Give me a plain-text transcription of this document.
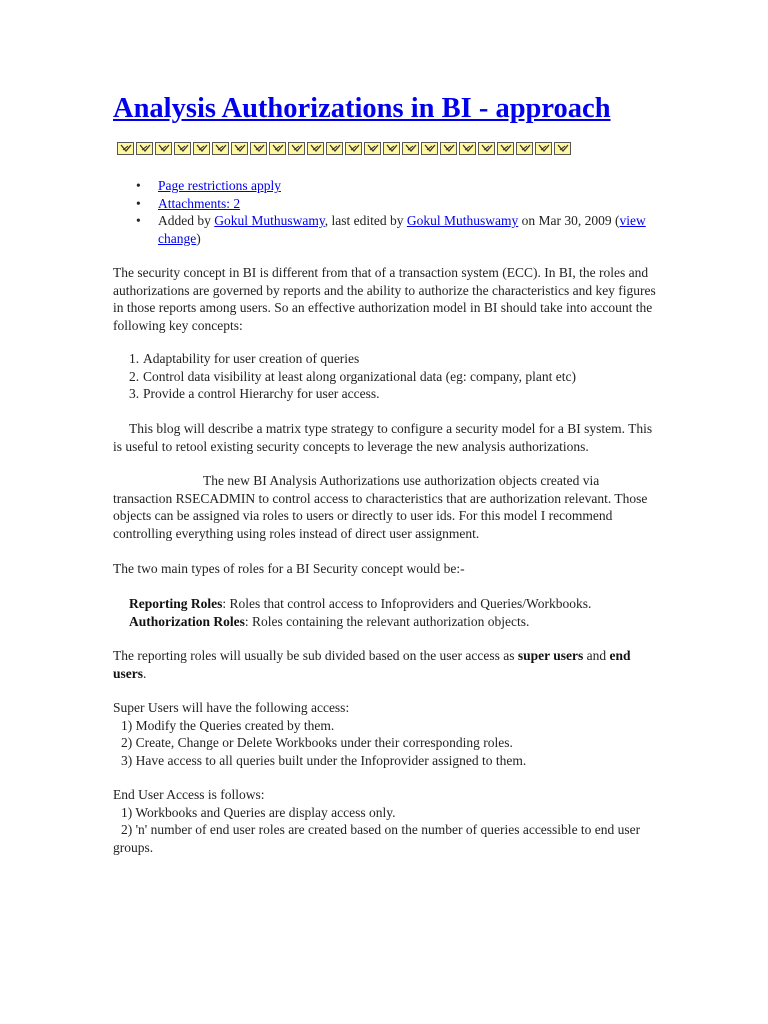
Analysis Authorizations in BI - approach
• Page restrictions apply
• Attachments: 2
• Added by Gokul Muthuswamy, last edited by Gokul Muthuswamy on Mar 30, 2009 (view change)

The security concept in BI is different from that of a transaction system (ECC). In BI, the roles and authorizations are governed by reports and the ability to authorize the characteristics and key figures in those reports among users. So an effective authorization model in BI should take into account the following key concepts:

1. Adaptability for user creation of queries
2. Control data visibility at least along organizational data (eg: company, plant etc)
3. Provide a control Hierarchy for user access.

This blog will describe a matrix type strategy to configure a security model for a BI system. This is useful to retool existing security concepts to leverage the new analysis authorizations.

The new BI Analysis Authorizations use authorization objects created via transaction RSECADMIN to control access to characteristics that are authorization relevant. Those objects can be assigned via roles to users or directly to user ids. For this model I recommend controlling everything using roles instead of direct user assignment.

The two main types of roles for a BI Security concept would be:-

Reporting Roles: Roles that control access to Infoproviders and Queries/Workbooks.
Authorization Roles: Roles containing the relevant authorization objects.

The reporting roles will usually be sub divided based on the user access as super users and end users.

Super Users will have the following access:
1) Modify the Queries created by them.
2) Create, Change or Delete Workbooks under their corresponding roles.
3) Have access to all queries built under the Infoprovider assigned to them.
End User Access is follows:
1) Workbooks and Queries are display access only.
2) 'n' number of end user roles are created based on the number of queries accessible to end user groups.
